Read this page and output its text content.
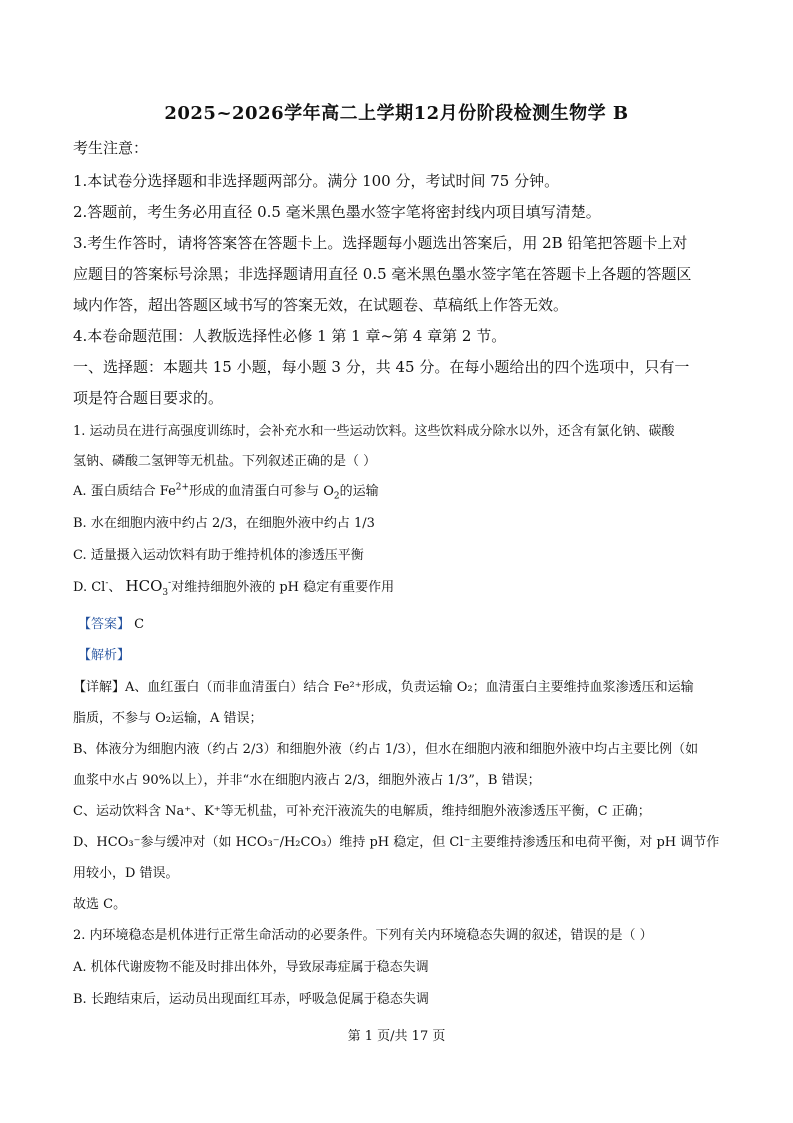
2025~2026学年高二上学期12月份阶段检测生物学 B
考生注意：
1.本试卷分选择题和非选择题两部分。满分 100 分，考试时间 75 分钟。
2.答题前，考生务必用直径 0.5 毫米黑色墨水签字笔将密封线内项目填写清楚。
3.考生作答时，请将答案答在答题卡上。选择题每小题选出答案后，用 2B 铅笔把答题卡上对
应题目的答案标号涂黑；非选择题请用直径 0.5 毫米黑色墨水签字笔在答题卡上各题的答题区
域内作答，超出答题区域书写的答案无效，在试题卷、草稿纸上作答无效。
4.本卷命题范围：人教版选择性必修 1 第 1 章~第 4 章第 2 节。
一、选择题：本题共 15 小题，每小题 3 分，共 45 分。在每小题给出的四个选项中，只有一
项是符合题目要求的。
1. 运动员在进行高强度训练时，会补充水和一些运动饮料。这些饮料成分除水以外，还含有氯化钠、碳酸
氢钠、磷酸二氢钾等无机盐。下列叙述正确的是（ ）
A. 蛋白质结合 $Fe^{2+}$形成的血清蛋白可参与 $O_2$的运输
B. 水在细胞内液中约占 2/3，在细胞外液中约占 1/3
C. 适量摄入运动饮料有助于维持机体的渗透压平衡
D. Cl-、 $HCO_3^-$对维持细胞外液的 pH 稳定有重要作用
【答案】 C
【解析】
【详解】A、血红蛋白（而非血清蛋白）结合 Fe²⁺形成，负责运输 O₂；血清蛋白主要维持血浆渗透压和运输
脂质，不参与 O₂运输，A 错误；
B、体液分为细胞内液（约占 2/3）和细胞外液（约占 1/3），但水在细胞内液和细胞外液中均占主要比例（如
血浆中水占 90%以上），并非“水在细胞内液占 2/3，细胞外液占 1/3”，B 错误；
C、运动饮料含 Na⁺、K⁺等无机盐，可补充汗液流失的电解质，维持细胞外液渗透压平衡，C 正确；
D、HCO₃⁻参与缓冲对（如 HCO₃⁻/H₂CO₃）维持 pH 稳定，但 Cl⁻主要维持渗透压和电荷平衡，对 pH 调节作
用较小，D 错误。
故选 C。
2. 内环境稳态是机体进行正常生命活动的必要条件。下列有关内环境稳态失调的叙述，错误的是（ ）
A. 机体代谢废物不能及时排出体外，导致尿毒症属于稳态失调
B. 长跑结束后，运动员出现面红耳赤，呼吸急促属于稳态失调
第 1 页/共 17 页
